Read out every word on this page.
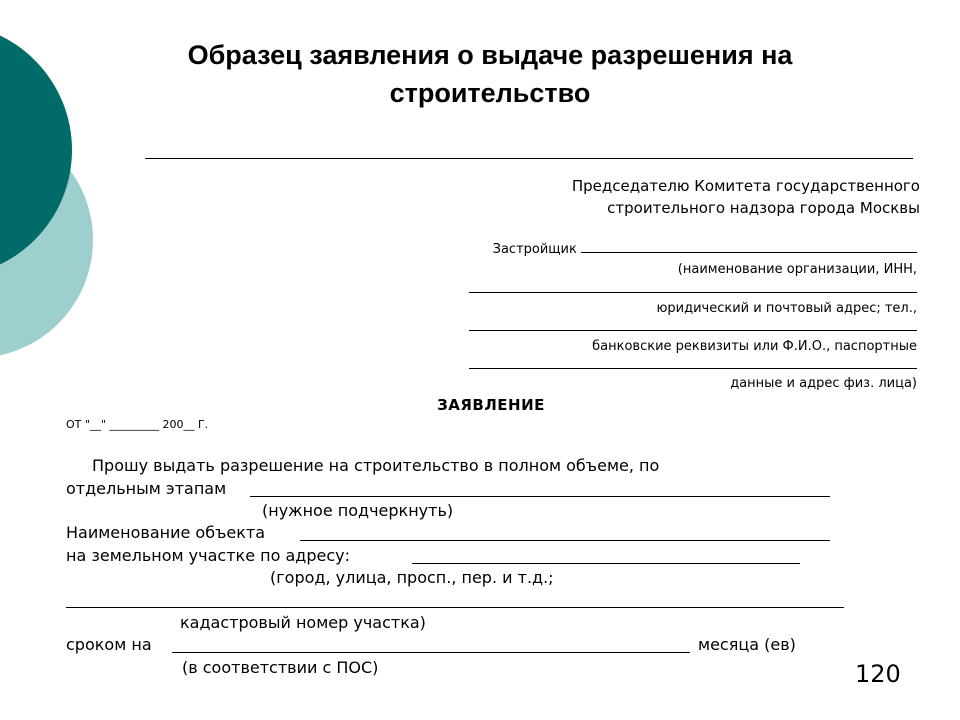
Образец заявления о выдаче разрешения на
строительство
Председателю Комитета государственного
строительного надзора города Москвы
Застройщик
(наименование организации, ИНН,
юридический и почтовый адрес; тел.,
банковские реквизиты или Ф.И.О., паспортные
данные и адрес физ. лица)
ЗАЯВЛЕНИЕ
ОТ "__" _________ 200__ Г.
Прошу выдать разрешение на строительство в полном объеме, по
отдельным этапам
(нужное подчеркнуть)
Наименование объекта
на земельном участке по адресу:
(город, улица, просп., пер. и т.д.;
кадастровый номер участка)
сроком на	месяца (ев)
(в соответствии с ПОС)	120
